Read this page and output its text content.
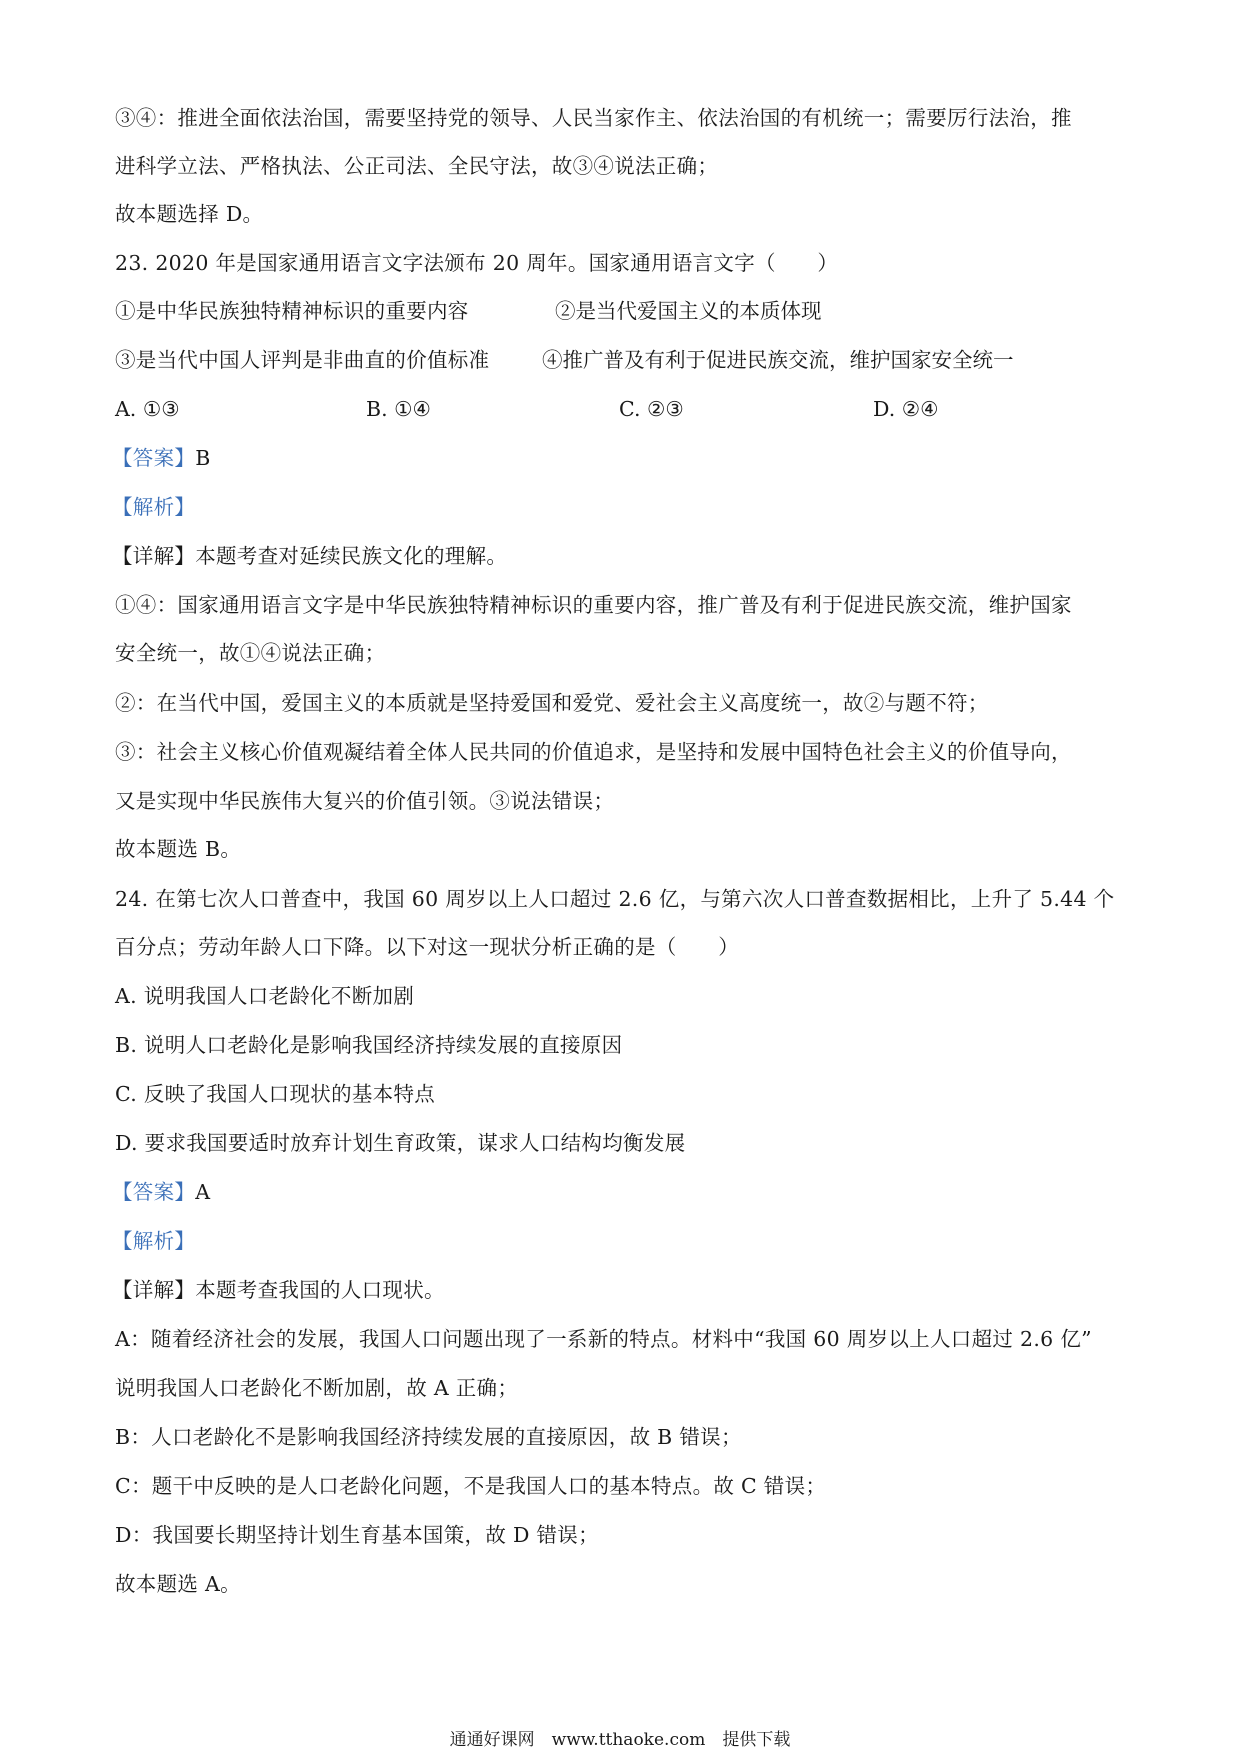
③④：推进全面依法治国，需要坚持党的领导、人民当家作主、依法治国的有机统一；需要厉行法治，推
进科学立法、严格执法、公正司法、全民守法，故③④说法正确；
故本题选择 D。
23. 2020 年是国家通用语言文字法颁布 20 周年。国家通用语言文字（　　）
①是中华民族独特精神标识的重要内容	②是当代爱国主义的本质体现
③是当代中国人评判是非曲直的价值标准	④推广普及有利于促进民族交流，维护国家安全统一
A. ①③	B. ①④	C. ②③	D. ②④
【答案】B
【解析】
【详解】本题考查对延续民族文化的理解。
①④：国家通用语言文字是中华民族独特精神标识的重要内容，推广普及有利于促进民族交流，维护国家
安全统一，故①④说法正确；
②：在当代中国，爱国主义的本质就是坚持爱国和爱党、爱社会主义高度统一，故②与题不符；
③：社会主义核心价值观凝结着全体人民共同的价值追求，是坚持和发展中国特色社会主义的价值导向，
又是实现中华民族伟大复兴的价值引领。③说法错误；
故本题选 B。
24. 在第七次人口普查中，我国 60 周岁以上人口超过 2.6 亿，与第六次人口普查数据相比，上升了 5.44 个
百分点；劳动年龄人口下降。以下对这一现状分析正确的是（　　）
A. 说明我国人口老龄化不断加剧
B. 说明人口老龄化是影响我国经济持续发展的直接原因
C. 反映了我国人口现状的基本特点
D. 要求我国要适时放弃计划生育政策，谋求人口结构均衡发展
【答案】A
【解析】
【详解】本题考查我国的人口现状。
A：随着经济社会的发展，我国人口问题出现了一系新的特点。材料中“我国 60 周岁以上人口超过 2.6 亿”
说明我国人口老龄化不断加剧，故 A 正确；
B：人口老龄化不是影响我国经济持续发展的直接原因，故 B 错误；
C：题干中反映的是人口老龄化问题，不是我国人口的基本特点。故 C 错误；
D：我国要长期坚持计划生育基本国策，故 D 错误；
故本题选 A。
通通好课网　www.tthaoke.com　提供下载
